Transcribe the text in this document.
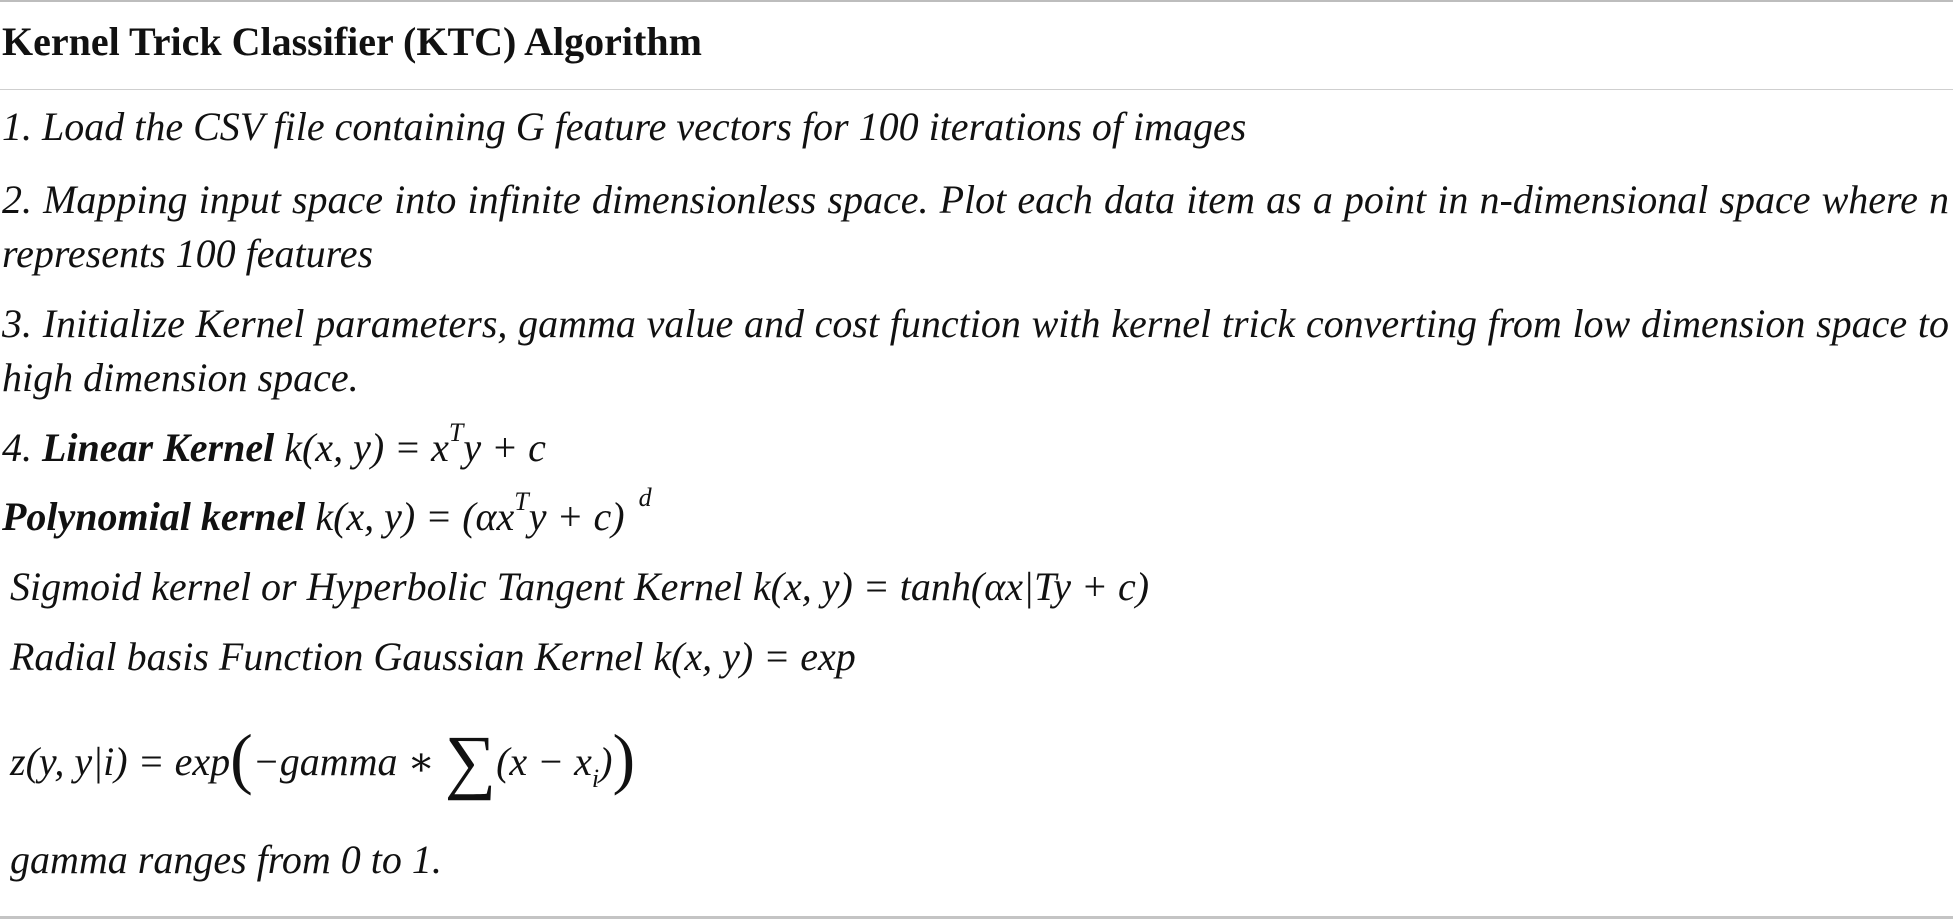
Kernel Trick Classifier (KTC) Algorithm
1. Load the CSV file containing G feature vectors for 100 iterations of images
2. Mapping input space into infinite dimensionless space. Plot each data item as a point in n-dimensional space where n represents 100 features
3. Initialize Kernel parameters, gamma value and cost function with kernel trick converting from low dimension space to high dimension space.
4. Linear Kernel k(x, $y) = x^Ty + c$
Polynomial kernel k(x, $y) = (\alpha x^Ty + c)$ $^d$
Sigmoid kernel or Hyperbolic Tangent Kernel k(x, y) = tanh(αx|Ty + c)
Radial basis Function Gaussian Kernel k(x, y) = exp
z(y, y|i) = exp(−gamma ∗ $\sum(x - x_i)$)
gamma ranges from 0 to 1.
